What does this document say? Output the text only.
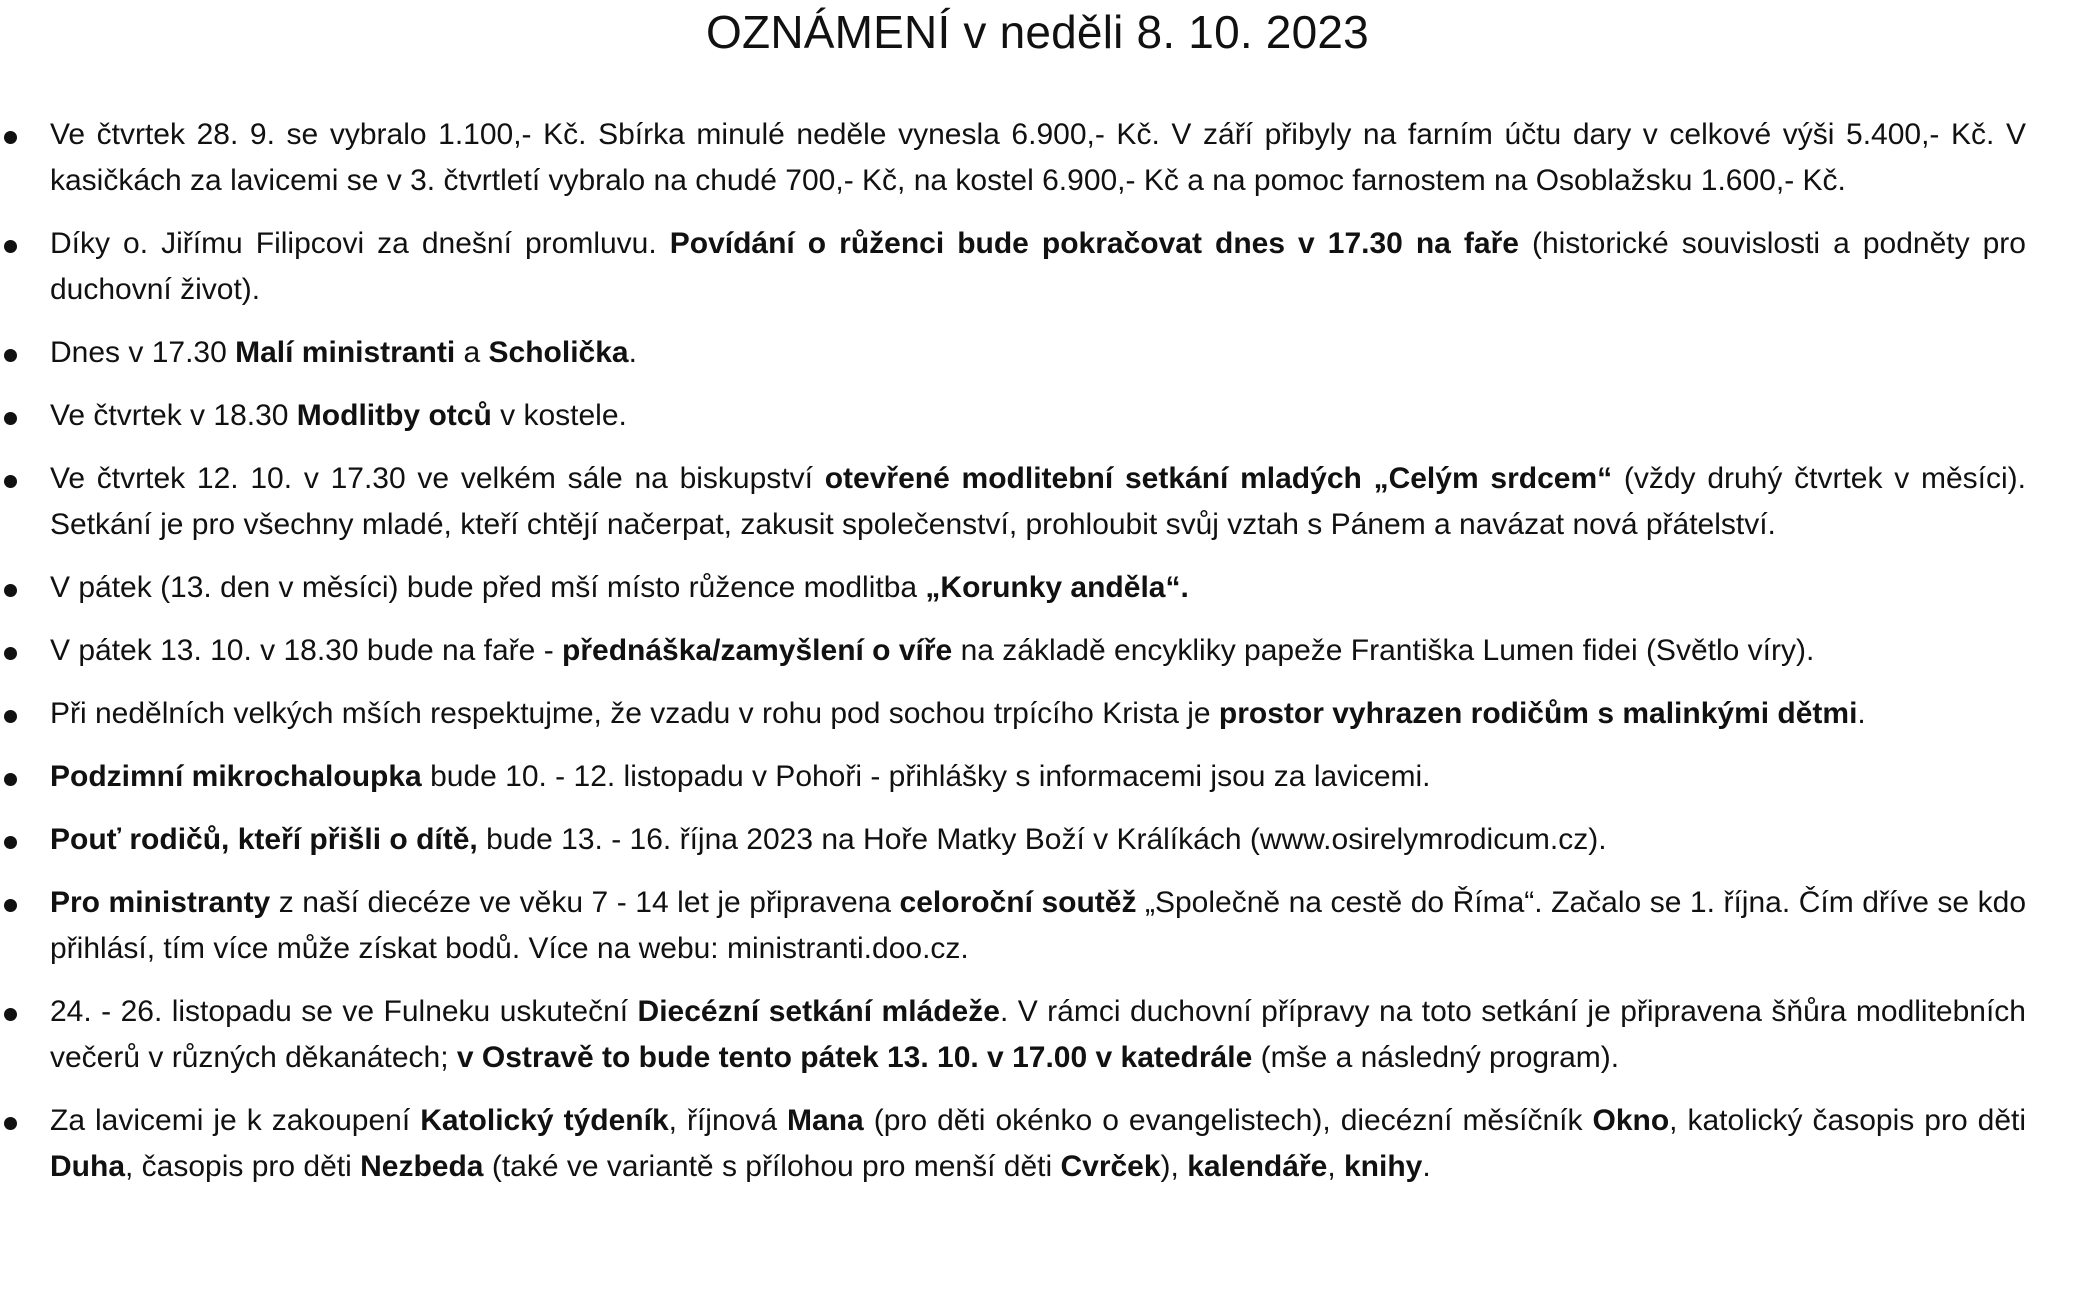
OZNÁMENÍ v neděli 8. 10. 2023
Ve čtvrtek 28. 9. se vybralo 1.100,- Kč. Sbírka minulé neděle vynesla 6.900,- Kč. V září přibyly na farním účtu dary v celkové výši 5.400,- Kč. V kasičkách za lavicemi se v 3. čtvrtletí vybralo na chudé 700,- Kč, na kostel 6.900,- Kč a na pomoc farnostem na Osoblažsku 1.600,- Kč.
Díky o. Jiřímu Filipcovi za dnešní promluvu. Povídání o růženci bude pokračovat dnes v 17.30 na faře (historické souvislosti a podněty pro duchovní život).
Dnes v 17.30 Malí ministranti a Scholička.
Ve čtvrtek v 18.30 Modlitby otců v kostele.
Ve čtvrtek 12. 10. v 17.30 ve velkém sále na biskupství otevřené modlitební setkání mladých „Celým srdcem“ (vždy druhý čtvrtek v měsíci). Setkání je pro všechny mladé, kteří chtějí načerpat, zakusit společenství, prohloubit svůj vztah s Pánem a navázat nová přátelství.
V pátek (13. den v měsíci) bude před mší místo růžence modlitba „Korunky anděla“.
V pátek 13. 10. v 18.30 bude na faře - přednáška/zamyšlení o víře na základě encykliky papeže Františka Lumen fidei (Světlo víry).
Při nedělních velkých mších respektujme, že vzadu v rohu pod sochou trpícího Krista je prostor vyhrazen rodičům s malinkými dětmi.
Podzimní mikrochaloupka bude 10. - 12. listopadu v Pohoři - přihlášky s informacemi jsou za lavicemi.
Pouť rodičů, kteří přišli o dítě, bude 13. - 16. října 2023 na Hoře Matky Boží v Králíkách (www.osirelymrodicum.cz).
Pro ministranty z naší diecéze ve věku 7 - 14 let je připravena celoroční soutěž „Společně na cestě do Říma“. Začalo se 1. října. Čím dříve se kdo přihlásí, tím více může získat bodů. Více na webu: ministranti.doo.cz.
24. - 26. listopadu se ve Fulneku uskuteční Diecézní setkání mládeže. V rámci duchovní přípravy na toto setkání je připravena šňůra modlitebních večerů v různých děkanátech; v Ostravě to bude tento pátek 13. 10. v 17.00 v katedrále (mše a následný program).
Za lavicemi je k zakoupení Katolický týdeník, říjnová Mana (pro děti okénko o evangelistech), diecézní měsíčník Okno, katolický časopis pro děti Duha, časopis pro děti Nezbeda (také ve variantě s přílohou pro menší děti Cvrček), kalendáře, knihy.
